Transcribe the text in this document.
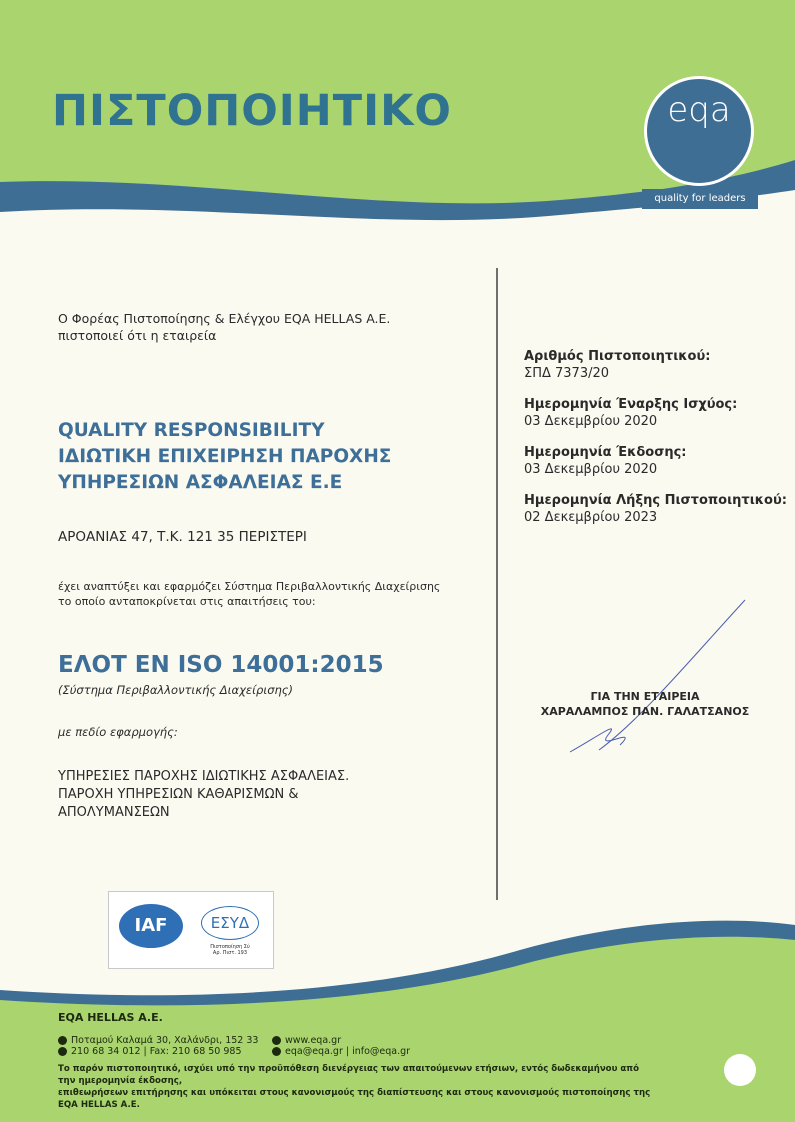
ΠΙΣΤΟΠΟΙΗΤΙΚΟ	eqa
quality for leaders
Ο Φορέας Πιστοποίησης & Ελέγχου EQA HELLAS A.E.
πιστοποιεί ότι η εταιρεία
QUALITY RESPONSIBILITY
ΙΔΙΩΤΙΚΗ ΕΠΙΧΕΙΡΗΣΗ ΠΑΡΟΧΗΣ
ΥΠΗΡΕΣΙΩΝ ΑΣΦΑΛΕΙΑΣ Ε.Ε
ΑΡΟΑΝΙΑΣ 47, Τ.Κ. 121 35 ΠΕΡΙΣΤΕΡΙ
έχει αναπτύξει και εφαρμόζει Σύστημα Περιβαλλοντικής Διαχείρισης
το οποίο ανταποκρίνεται στις απαιτήσεις του:
ΕΛΟΤ EN ISO 14001:2015
(Σύστημα Περιβαλλοντικής Διαχείρισης)
με πεδίο εφαρμογής:
ΥΠΗΡΕΣΙΕΣ ΠΑΡΟΧΗΣ ΙΔΙΩΤΙΚΗΣ ΑΣΦΑΛΕΙΑΣ.
ΠΑΡΟΧΗ ΥΠΗΡΕΣΙΩΝ ΚΑΘΑΡΙΣΜΩΝ &
ΑΠΟΛΥΜΑΝΣΕΩΝ
Αριθμός Πιστοποιητικού:
ΣΠΔ 7373/20
Ημερομηνία Έναρξης Ισχύος:
03 Δεκεμβρίου 2020
Ημερομηνία Έκδοσης:
03 Δεκεμβρίου 2020
Ημερομηνία Λήξης Πιστοποιητικού:
02 Δεκεμβρίου 2023
ΓΙΑ ΤΗΝ ΕΤΑΙΡΕΙΑ
ΧΑΡΑΛΑΜΠΟΣ ΠΑΝ. ΓΑΛΑΤΣΑΝΟΣ
IAF	ΕΣΥΔ
Πιστοποίηση Σύ
Αρ. Πιστ. 193
EQA HELLAS A.E.
Ποταμού Καλαμά 30, Χαλάνδρι, 152 33
210 68 34 012 | Fax: 210 68 50 985
www.eqa.gr
eqa@eqa.gr | info@eqa.gr
Το παρόν πιστοποιητικό, ισχύει υπό την προϋπόθεση διενέργειας των απαιτούμενων ετήσιων, εντός δωδεκαμήνου από την ημερομηνία έκδοσης,
επιθεωρήσεων επιτήρησης και υπόκειται στους κανονισμούς της διαπίστευσης και στους κανονισμούς πιστοποίησης της EQA HELLAS A.E.
